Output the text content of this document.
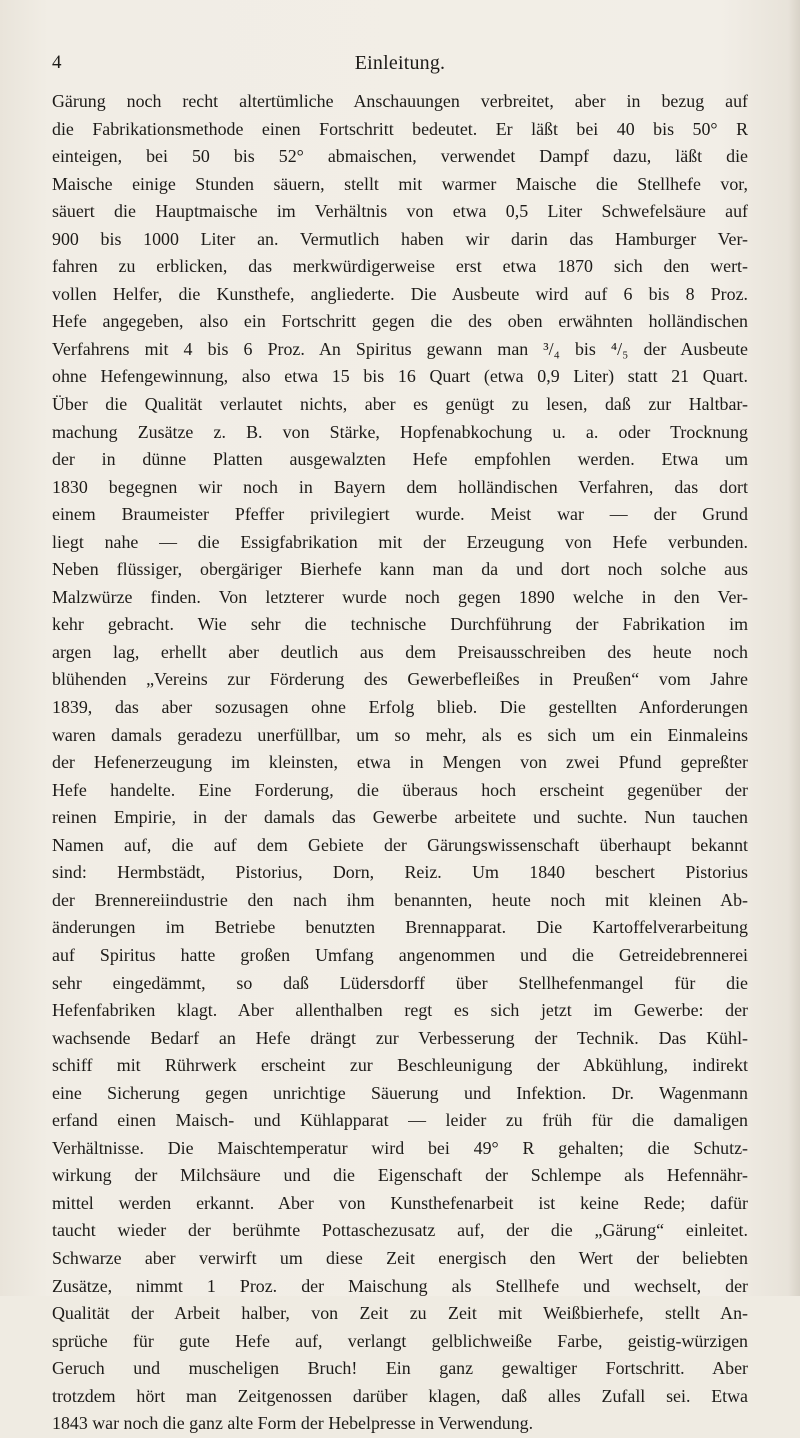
4	Einleitung.
Gärung noch recht altertümliche Anschauungen verbreitet, aber in bezug auf
die Fabrikationsmethode einen Fortschritt bedeutet. Er läßt bei 40 bis 50° R
einteigen, bei 50 bis 52° abmaischen, verwendet Dampf dazu, läßt die
Maische einige Stunden säuern, stellt mit warmer Maische die Stellhefe vor,
säuert die Hauptmaische im Verhältnis von etwa 0,5 Liter Schwefelsäure auf
900 bis 1000 Liter an. Vermutlich haben wir darin das Hamburger Ver-
fahren zu erblicken, das merkwürdigerweise erst etwa 1870 sich den wert-
vollen Helfer, die Kunsthefe, angliederte. Die Ausbeute wird auf 6 bis 8 Proz.
Hefe angegeben, also ein Fortschritt gegen die des oben erwähnten holländischen
Verfahrens mit 4 bis 6 Proz. An Spiritus gewann man ³/₄ bis ⁴/₅ der Ausbeute
ohne Hefengewinnung, also etwa 15 bis 16 Quart (etwa 0,9 Liter) statt 21 Quart.
Über die Qualität verlautet nichts, aber es genügt zu lesen, daß zur Haltbar-
machung Zusätze z. B. von Stärke, Hopfenabkochung u. a. oder Trocknung
der in dünne Platten ausgewalzten Hefe empfohlen werden. Etwa um
1830 begegnen wir noch in Bayern dem holländischen Verfahren, das dort
einem Braumeister Pfeffer privilegiert wurde. Meist war — der Grund
liegt nahe — die Essigfabrikation mit der Erzeugung von Hefe verbunden.
Neben flüssiger, obergäriger Bierhefe kann man da und dort noch solche aus
Malzwürze finden. Von letzterer wurde noch gegen 1890 welche in den Ver-
kehr gebracht. Wie sehr die technische Durchführung der Fabrikation im
argen lag, erhellt aber deutlich aus dem Preisausschreiben des heute noch
blühenden „Vereins zur Förderung des Gewerbefleißes in Preußen“ vom Jahre
1839, das aber sozusagen ohne Erfolg blieb. Die gestellten Anforderungen
waren damals geradezu unerfüllbar, um so mehr, als es sich um ein Einmaleins
der Hefenerzeugung im kleinsten, etwa in Mengen von zwei Pfund gepreßter
Hefe handelte. Eine Forderung, die überaus hoch erscheint gegenüber der
reinen Empirie, in der damals das Gewerbe arbeitete und suchte. Nun tauchen
Namen auf, die auf dem Gebiete der Gärungswissenschaft überhaupt bekannt
sind: Hermbstädt, Pistorius, Dorn, Reiz. Um 1840 beschert Pistorius
der Brennereiindustrie den nach ihm benannten, heute noch mit kleinen Ab-
änderungen im Betriebe benutzten Brennapparat. Die Kartoffelverarbeitung
auf Spiritus hatte großen Umfang angenommen und die Getreidebrennerei
sehr eingedämmt, so daß Lüdersdorff über Stellhefenmangel für die
Hefenfabriken klagt. Aber allenthalben regt es sich jetzt im Gewerbe: der
wachsende Bedarf an Hefe drängt zur Verbesserung der Technik. Das Kühl-
schiff mit Rührwerk erscheint zur Beschleunigung der Abkühlung, indirekt
eine Sicherung gegen unrichtige Säuerung und Infektion. Dr. Wagenmann
erfand einen Maisch- und Kühlapparat — leider zu früh für die damaligen
Verhältnisse. Die Maischtemperatur wird bei 49° R gehalten; die Schutz-
wirkung der Milchsäure und die Eigenschaft der Schlempe als Hefennähr-
mittel werden erkannt. Aber von Kunsthefenarbeit ist keine Rede; dafür
taucht wieder der berühmte Pottaschezusatz auf, der die „Gärung“ einleitet.
Schwarze aber verwirft um diese Zeit energisch den Wert der beliebten
Zusätze, nimmt 1 Proz. der Maischung als Stellhefe und wechselt, der
Qualität der Arbeit halber, von Zeit zu Zeit mit Weißbierhefe, stellt An-
sprüche für gute Hefe auf, verlangt gelblichweiße Farbe, geistig-würzigen
Geruch und muscheligen Bruch! Ein ganz gewaltiger Fortschritt. Aber
trotzdem hört man Zeitgenossen darüber klagen, daß alles Zufall sei. Etwa
1843 war noch die ganz alte Form der Hebelpresse in Verwendung.
